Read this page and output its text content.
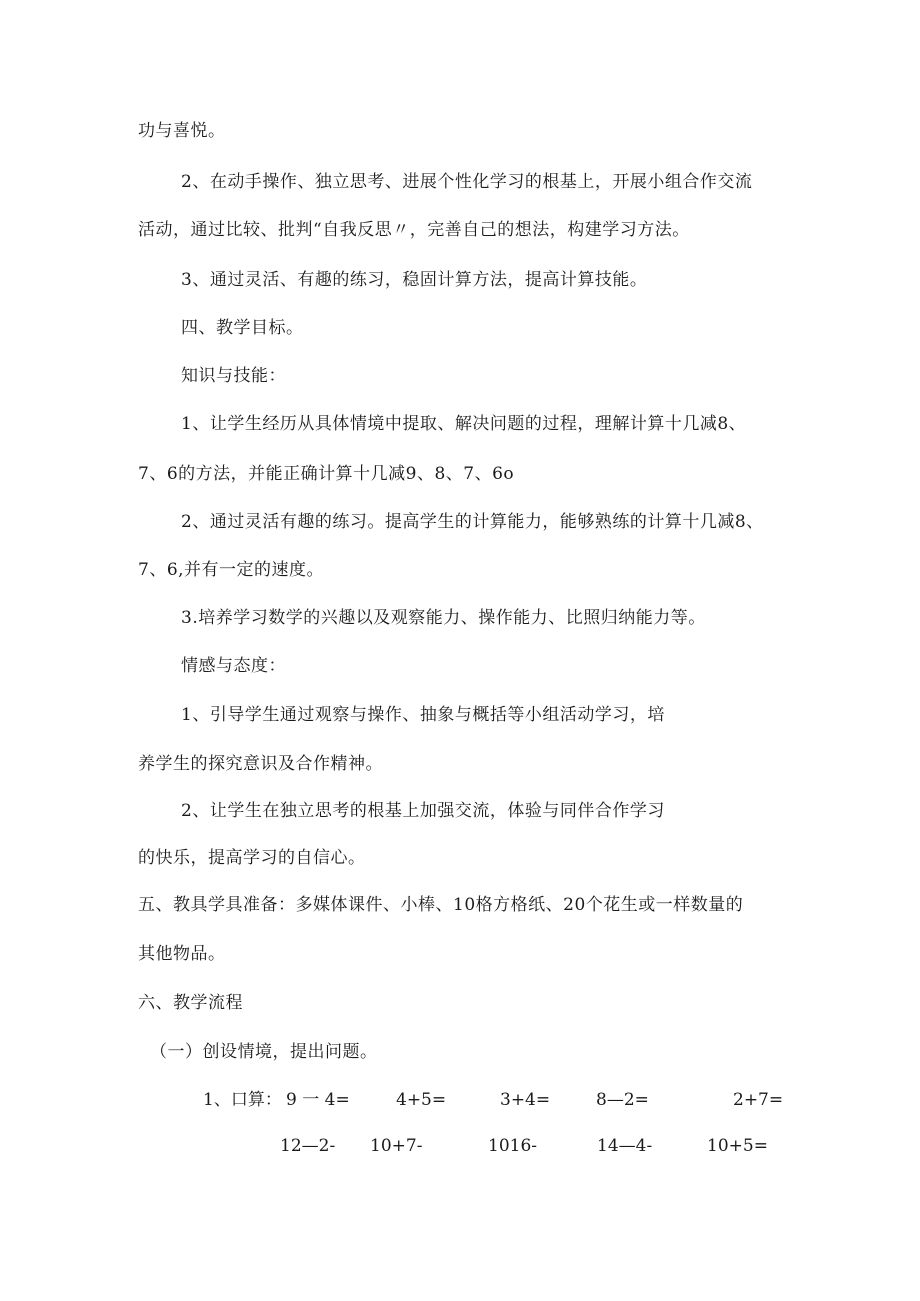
功与喜悦。
2、在动手操作、独立思考、进展个性化学习的根基上，开展小组合作交流
活动，通过比较、批判“自我反思〃，完善自己的想法，构建学习方法。
3、通过灵活、有趣的练习，稳固计算方法，提高计算技能。
四、教学目标。
知识与技能：
1、让学生经历从具体情境中提取、解决问题的过程，理解计算十几减8、
7、6的方法，并能正确计算十几减9、8、7、6o
2、通过灵活有趣的练习。提高学生的计算能力，能够熟练的计算十几减8、
7、6,并有一定的速度。
3.培养学习数学的兴趣以及观察能力、操作能力、比照归纳能力等。
情感与态度：
1、引导学生通过观察与操作、抽象与概括等小组活动学习，培
养学生的探究意识及合作精神。
2、让学生在独立思考的根基上加强交流，体验与同伴合作学习
的快乐，提高学习的自信心。
五、教具学具准备：多媒体课件、小棒、10格方格纸、20个花生或一样数量的
其他物品。
六、教学流程
（一）创设情境，提出问题。
1、口算： 9 一 4=	4+5=	3+4=	8—2=	2+7=
12—2- 10+7-	1016-	14—4-	10+5=
